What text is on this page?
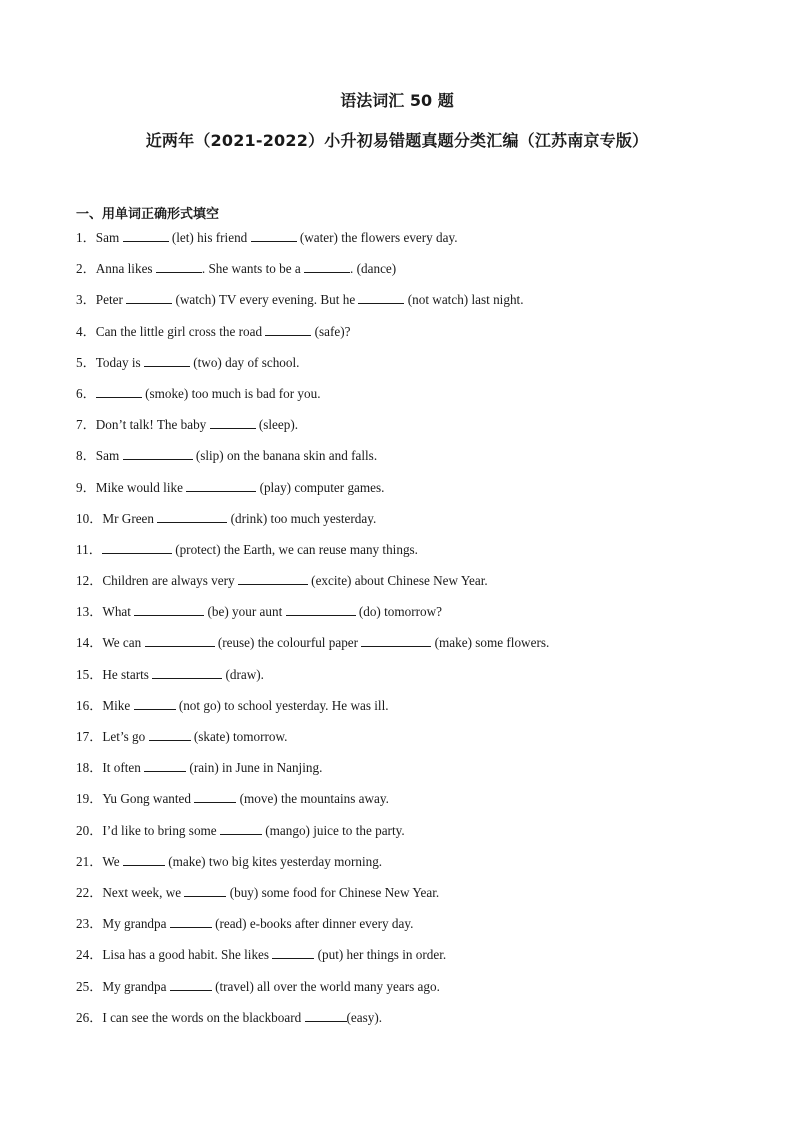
语法词汇 50 题
近两年（2021-2022）小升初易错题真题分类汇编（江苏南京专版）
一、用单词正确形式填空
1．Sam	(let) his friend	(water) the flowers every day.
2．Anna likes	. She wants to be a	. (dance)
3．Peter	(watch) TV every evening. But he	(not watch) last night.
4．Can the little girl cross the road	(safe)?
5．Today is	(two) day of school.
6．	(smoke) too much is bad for you.
7．Don’t talk! The baby	(sleep).
8．Sam	(slip) on the banana skin and falls.
9．Mike would like	(play) computer games.
10．Mr Green	(drink) too much yesterday.
11．	(protect) the Earth, we can reuse many things.
12．Children are always very	(excite) about Chinese New Year.
13．What	(be) your aunt	(do) tomorrow?
14．We can	(reuse) the colourful paper	(make) some flowers.
15．He starts	(draw).
16．Mike	(not go) to school yesterday. He was ill.
17．Let’s go	(skate) tomorrow.
18．It often	(rain) in June in Nanjing.
19．Yu Gong wanted	(move) the mountains away.
20．I’d like to bring some	(mango) juice to the party.
21．We	(make) two big kites yesterday morning.
22．Next week, we	(buy) some food for Chinese New Year.
23．My grandpa	(read) e-books after dinner every day.
24．Lisa has a good habit. She likes	(put) her things in order.
25．My grandpa	(travel) all over the world many years ago.
26．I can see the words on the blackboard	(easy).
